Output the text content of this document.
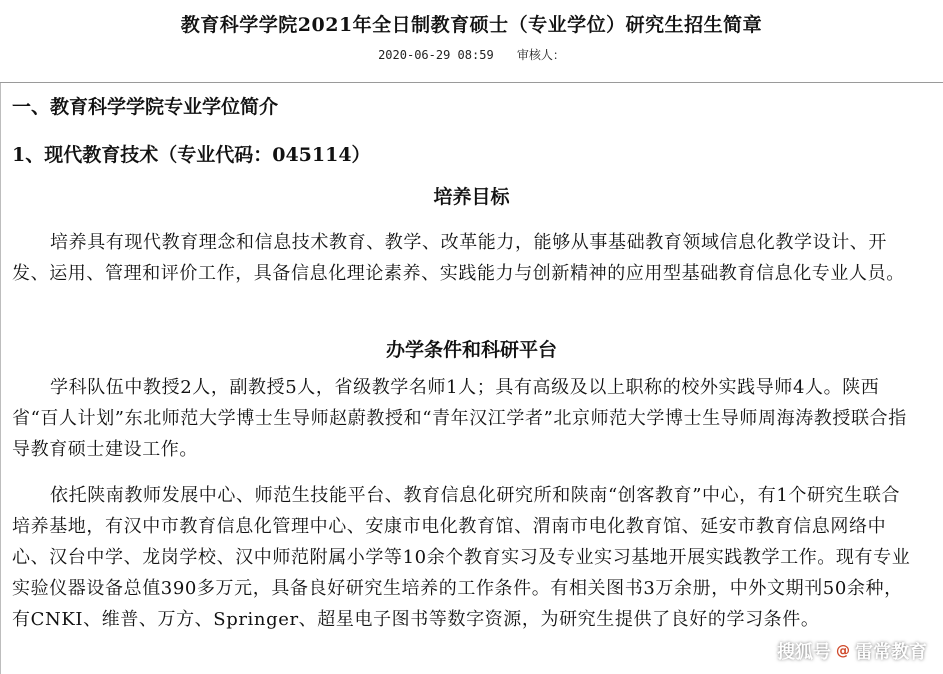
教育科学学院2021年全日制教育硕士（专业学位）研究生招生简章
2020-06-29 08:59 审核人：
一、教育科学学院专业学位简介
1、现代教育技术（专业代码：045114）
培养目标
培养具有现代教育理念和信息技术教育、教学、改革能力，能够从事基础教育领域信息化教学设计、开发、运用、管理和评价工作，具备信息化理论素养、实践能力与创新精神的应用型基础教育信息化专业人员。
办学条件和科研平台
学科队伍中教授2人，副教授5人，省级教学名师1人；具有高级及以上职称的校外实践导师4人。陕西省“百人计划”东北师范大学博士生导师赵蔚教授和“青年汉江学者”北京师范大学博士生导师周海涛教授联合指导教育硕士建设工作。
依托陕南教师发展中心、师范生技能平台、教育信息化研究所和陕南“创客教育”中心，有1个研究生联合培养基地，有汉中市教育信息化管理中心、安康市电化教育馆、渭南市电化教育馆、延安市教育信息网络中心、汉台中学、龙岗学校、汉中师范附属小学等10余个教育实习及专业实习基地开展实践教学工作。现有专业实验仪器设备总值390多万元，具备良好研究生培养的工作条件。有相关图书3万余册，中外文期刊50余种，有CNKI、维普、万方、Springer、超星电子图书等数字资源，为研究生提供了良好的学习条件。
搜狐号 @ 雷常教育
